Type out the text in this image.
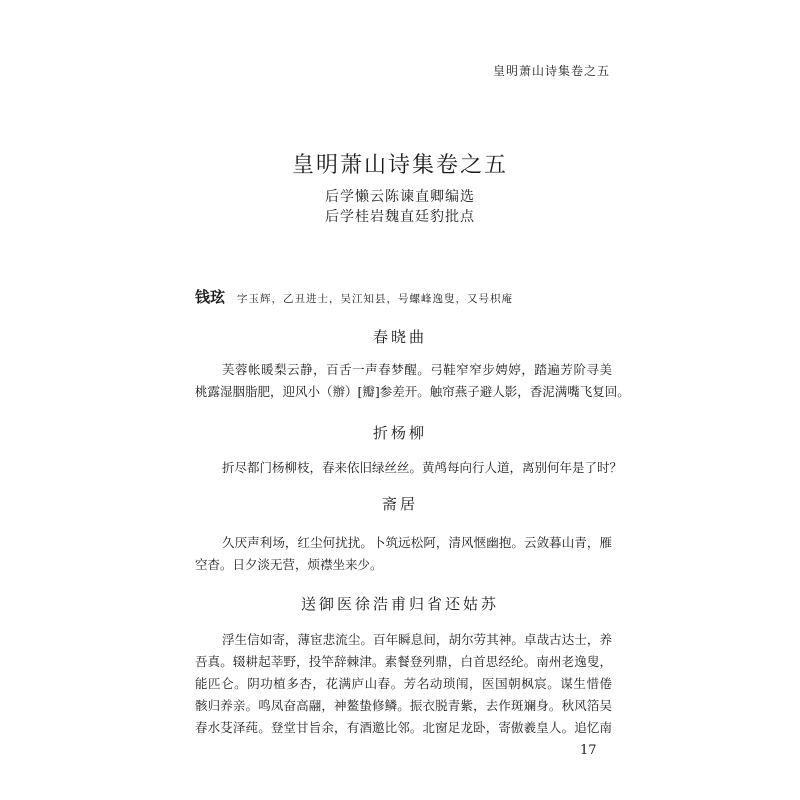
皇明萧山诗集卷之五
皇明萧山诗集卷之五
后学懒云陈谏直卿编选
后学桂岩魏直廷豹批点
钱玹 字玉辉，乙丑进士，吴江知县，号螺峰逸叟，又号枳庵
春晓曲
芙蓉帐暖梨云静，百舌一声春梦醒。弓鞋窄窄步娉婷，踏遍芳阶寻美
桃露湿胭脂肥，迎风小（辦）[瓣]参差开。触帘燕子避人影，香泥满嘴飞复回。
折杨柳
折尽都门杨柳枝，春来依旧绿丝丝。黄鸬每向行人道，离别何年是了时？
斋居
久厌声利场，红尘何扰扰。卜筑远松阿，清风惬幽抱。云敛暮山青，雁
空杳。日夕淡无营，烦襟坐来少。
送御医徐浩甫归省还姑苏
浮生信如寄，薄宦悲流尘。百年瞬息间，胡尔劳其神。卓哉古达士，养
吾真。辍耕起莘野，投竿辞棘津。素餐登列鼎，白首思经纶。南州老逸叟，
能匹仑。阴功植多杏，花满庐山春。芳名动琐闱，医国朝枫宸。谋生惜倦
骸归养亲。鸣凤奋高翮，神鳌蛰修鳞。振衣脱青紫，去作斑斓身。秋风箔吴
春水芟泽莼。登堂甘旨余，有酒邀比邻。北窗足龙卧，寄傲羲皇人。追忆南
17
